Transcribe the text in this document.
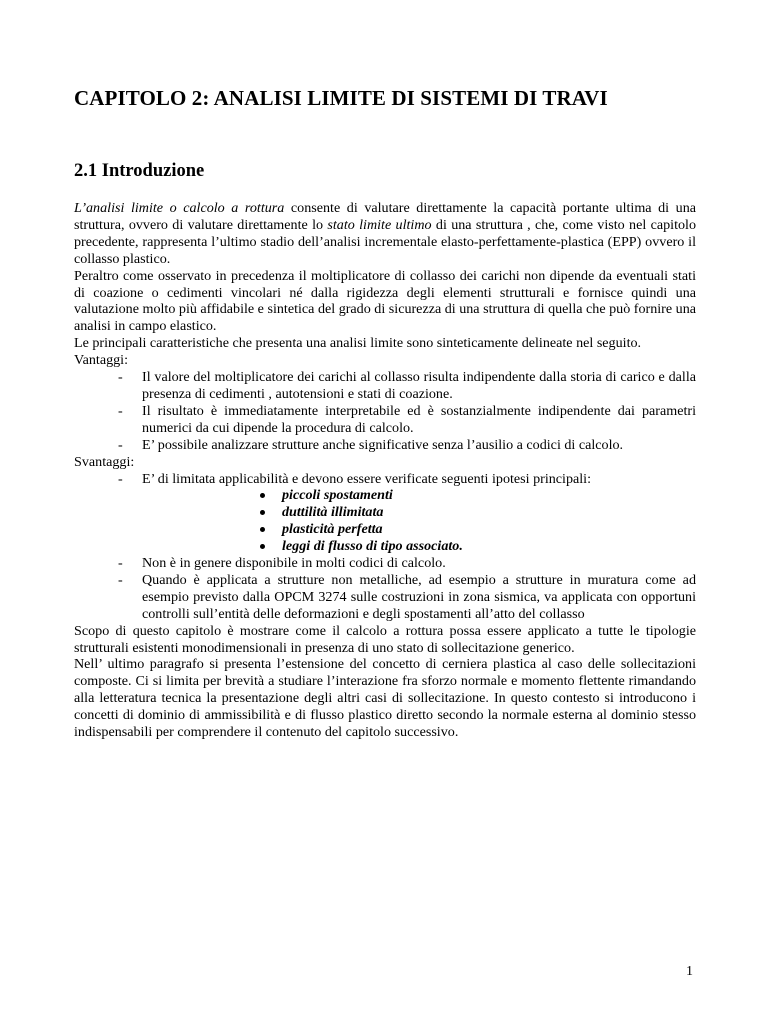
CAPITOLO 2: ANALISI LIMITE DI SISTEMI DI TRAVI
2.1 Introduzione

L’analisi limite o calcolo a rottura consente di valutare direttamente la capacità portante ultima di una struttura, ovvero di valutare direttamente lo stato limite ultimo di una struttura , che, come visto nel capitolo precedente, rappresenta l’ultimo stadio dell’analisi incrementale elasto-perfettamente-plastica (EPP) ovvero il collasso plastico.

Peraltro come osservato in precedenza il moltiplicatore di collasso dei carichi non dipende da eventuali stati di coazione o cedimenti vincolari né dalla rigidezza degli elementi strutturali e fornisce quindi una valutazione molto più affidabile e sintetica del grado di sicurezza di una struttura di quella che può fornire una analisi in campo elastico.

Le principali caratteristiche che presenta una analisi limite sono sinteticamente delineate nel seguito.

Vantaggi:
- Il valore del moltiplicatore dei carichi al collasso risulta indipendente dalla storia di carico e dalla presenza di cedimenti , autotensioni e stati di coazione.
- Il risultato è immediatamente interpretabile ed è sostanzialmente indipendente dai parametri numerici da cui dipende la procedura di calcolo.
- E’ possibile analizzare strutture anche significative senza l’ausilio a codici di calcolo.
Svantaggi:
- E’ di limitata applicabilità e devono essere verificate seguenti ipotesi principali:
piccoli spostamenti
duttilità illimitata
plasticità perfetta
leggi di flusso di tipo associato.
- Non è in genere disponibile in molti codici di calcolo.
- Quando è applicata a strutture non metalliche, ad esempio a strutture in muratura come ad esempio previsto dalla OPCM 3274 sulle costruzioni in zona sismica, va applicata con opportuni controlli sull’entità delle deformazioni e degli spostamenti all’atto del collasso

Scopo di questo capitolo è mostrare come il calcolo a rottura possa essere applicato a tutte le tipologie strutturali esistenti monodimensionali in presenza di uno stato di sollecitazione generico.

Nell’ ultimo paragrafo si presenta l’estensione del concetto di cerniera plastica al caso delle sollecitazioni composte. Ci si limita per brevità a studiare l’interazione fra sforzo normale e momento flettente rimandando alla letteratura tecnica la presentazione degli altri casi di sollecitazione. In questo contesto si introducono i concetti di dominio di ammissibilità e di flusso plastico diretto secondo la normale esterna al dominio stesso indispensabili per comprendere il contenuto del capitolo successivo.

1
